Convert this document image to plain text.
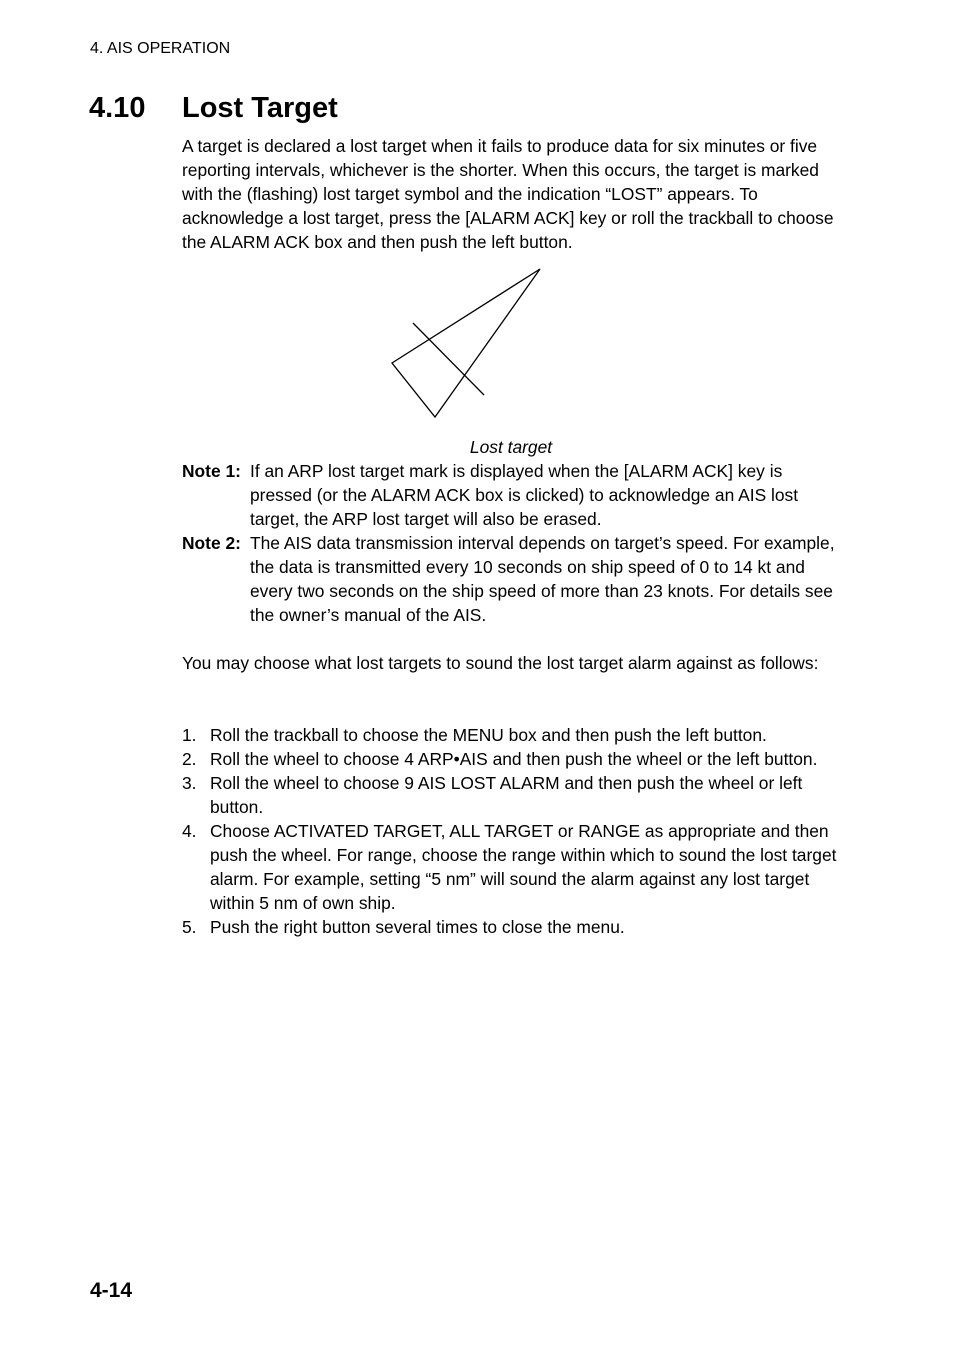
4. AIS OPERATION
4.10 Lost Target

A target is declared a lost target when it fails to produce data for six minutes or five reporting intervals, whichever is the shorter. When this occurs, the target is marked with the (flashing) lost target symbol and the indication “LOST” appears. To acknowledge a lost target, press the [ALARM ACK] key or roll the trackball to choose the ALARM ACK box and then push the left button.

Lost target
Note 1: If an ARP lost target mark is displayed when the [ALARM ACK] key is pressed (or the ALARM ACK box is clicked) to acknowledge an AIS lost target, the ARP lost target will also be erased.
Note 2: The AIS data transmission interval depends on target’s speed. For example, the data is transmitted every 10 seconds on ship speed of 0 to 14 kt and every two seconds on the ship speed of more than 23 knots. For details see the owner’s manual of the AIS.

You may choose what lost targets to sound the lost target alarm against as follows:

1. Roll the trackball to choose the MENU box and then push the left button.
2. Roll the wheel to choose 4 ARP•AIS and then push the wheel or the left button.
3. Roll the wheel to choose 9 AIS LOST ALARM and then push the wheel or left button.
4. Choose ACTIVATED TARGET, ALL TARGET or RANGE as appropriate and then push the wheel. For range, choose the range within which to sound the lost target alarm. For example, setting “5 nm” will sound the alarm against any lost target within 5 nm of own ship.
5. Push the right button several times to close the menu.
4-14
